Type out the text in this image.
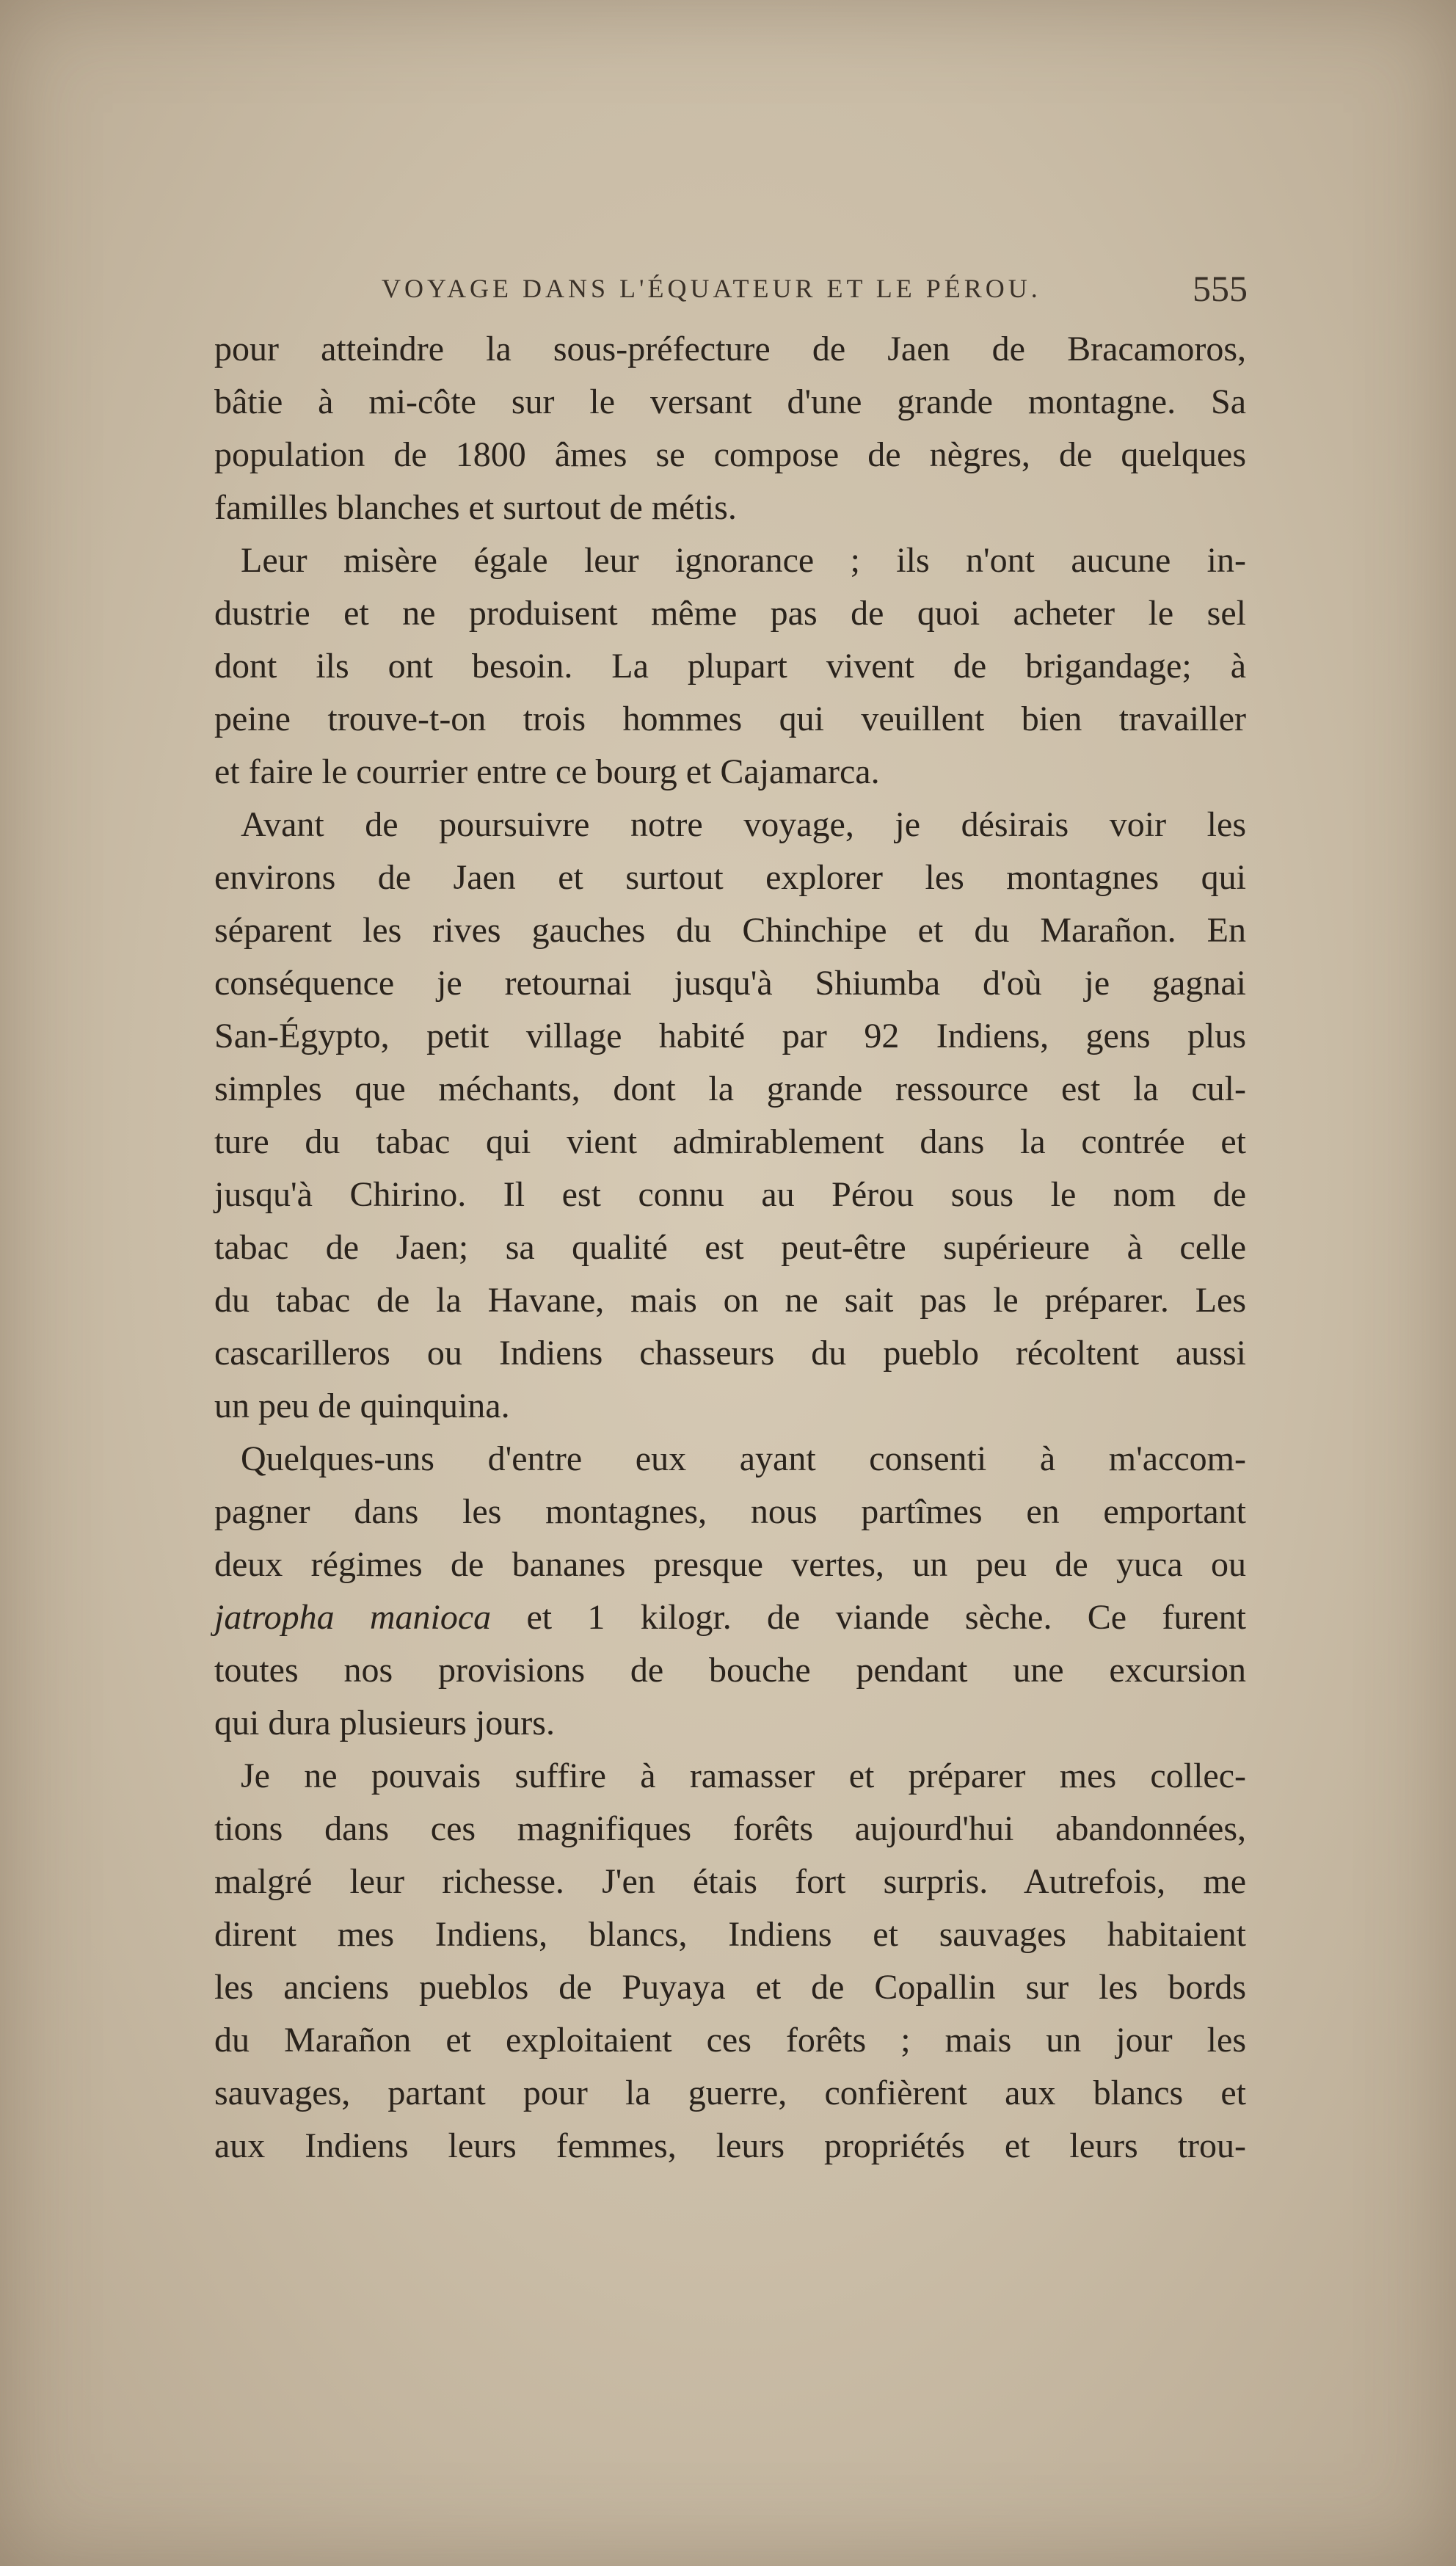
VOYAGE DANS L'ÉQUATEUR ET LE PÉROU.	555
pour atteindre la sous-préfecture de Jaen de Bracamoros,
bâtie à mi-côte sur le versant d'une grande montagne. Sa
population de 1800 âmes se compose de nègres, de quelques
familles blanches et surtout de métis.
Leur misère égale leur ignorance ; ils n'ont aucune in-
dustrie et ne produisent même pas de quoi acheter le sel
dont ils ont besoin. La plupart vivent de brigandage; à
peine trouve-t-on trois hommes qui veuillent bien travailler
et faire le courrier entre ce bourg et Cajamarca.
Avant de poursuivre notre voyage, je désirais voir les
environs de Jaen et surtout explorer les montagnes qui
séparent les rives gauches du Chinchipe et du Marañon. En
conséquence je retournai jusqu'à Shiumba d'où je gagnai
San-Égypto, petit village habité par 92 Indiens, gens plus
simples que méchants, dont la grande ressource est la cul-
ture du tabac qui vient admirablement dans la contrée et
jusqu'à Chirino. Il est connu au Pérou sous le nom de
tabac de Jaen; sa qualité est peut-être supérieure à celle
du tabac de la Havane, mais on ne sait pas le préparer. Les
cascarilleros ou Indiens chasseurs du pueblo récoltent aussi
un peu de quinquina.
Quelques-uns d'entre eux ayant consenti à m'accom-
pagner dans les montagnes, nous partîmes en emportant
deux régimes de bananes presque vertes, un peu de yuca ou
jatropha manioca et 1 kilogr. de viande sèche. Ce furent
toutes nos provisions de bouche pendant une excursion
qui dura plusieurs jours.
Je ne pouvais suffire à ramasser et préparer mes collec-
tions dans ces magnifiques forêts aujourd'hui abandonnées,
malgré leur richesse. J'en étais fort surpris. Autrefois, me
dirent mes Indiens, blancs, Indiens et sauvages habitaient
les anciens pueblos de Puyaya et de Copallin sur les bords
du Marañon et exploitaient ces forêts ; mais un jour les
sauvages, partant pour la guerre, confièrent aux blancs et
aux Indiens leurs femmes, leurs propriétés et leurs trou-
